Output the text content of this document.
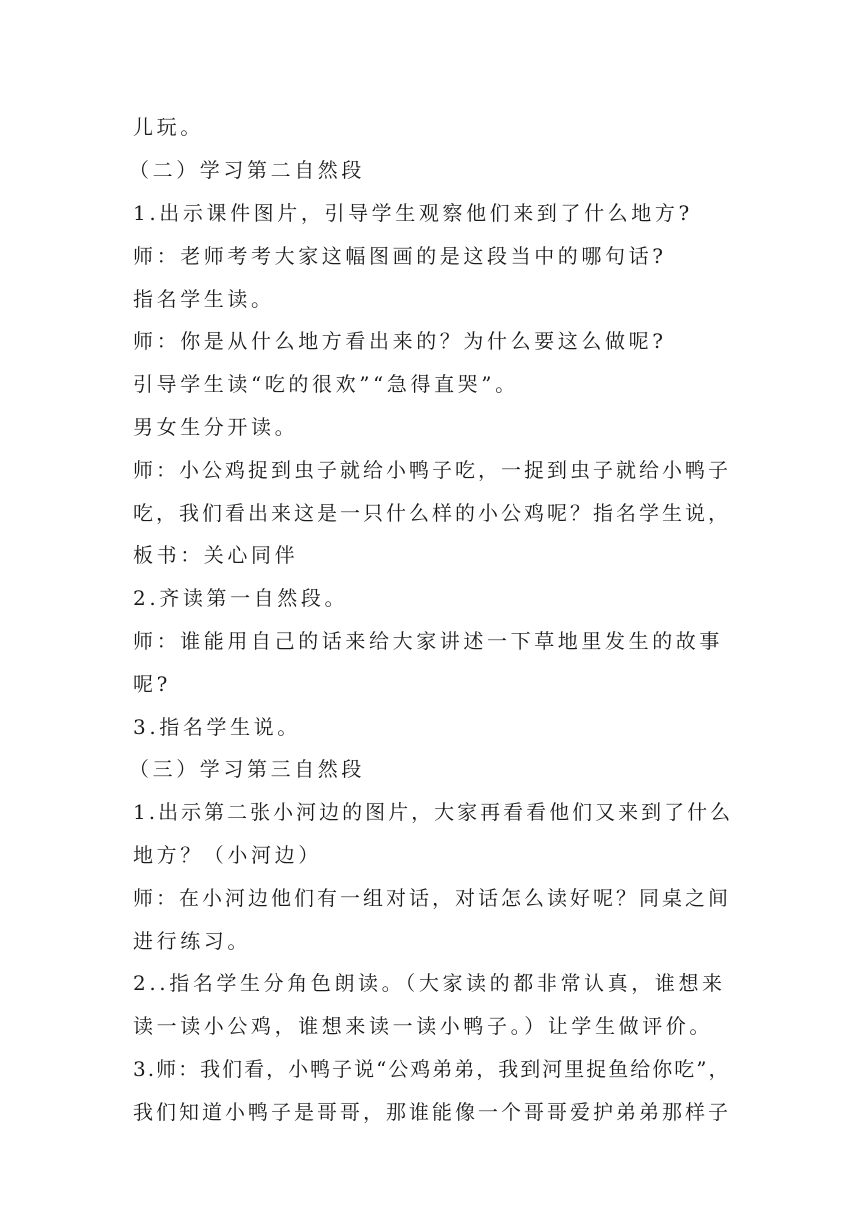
儿玩。
（二）学习第二自然段
1.出示课件图片，引导学生观察他们来到了什么地方?
师：老师考考大家这幅图画的是这段当中的哪句话?
指名学生读。
师：你是从什么地方看出来的？为什么要这么做呢?
引导学生读“吃的很欢”“急得直哭”。
男女生分开读。
师：小公鸡捉到虫子就给小鸭子吃，一捉到虫子就给小鸭子
吃，我们看出来这是一只什么样的小公鸡呢？指名学生说，
板书：关心同伴
2.齐读第一自然段。
师：谁能用自己的话来给大家讲述一下草地里发生的故事
呢?
3.指名学生说。
（三）学习第三自然段
1.出示第二张小河边的图片，大家再看看他们又来到了什么
地方？（小河边）
师：在小河边他们有一组对话，对话怎么读好呢？同桌之间
进行练习。
2..指名学生分角色朗读。（大家读的都非常认真，谁想来
读一读小公鸡，谁想来读一读小鸭子。）让学生做评价。
3.师：我们看，小鸭子说“公鸡弟弟，我到河里捉鱼给你吃”，
我们知道小鸭子是哥哥，那谁能像一个哥哥爱护弟弟那样子
